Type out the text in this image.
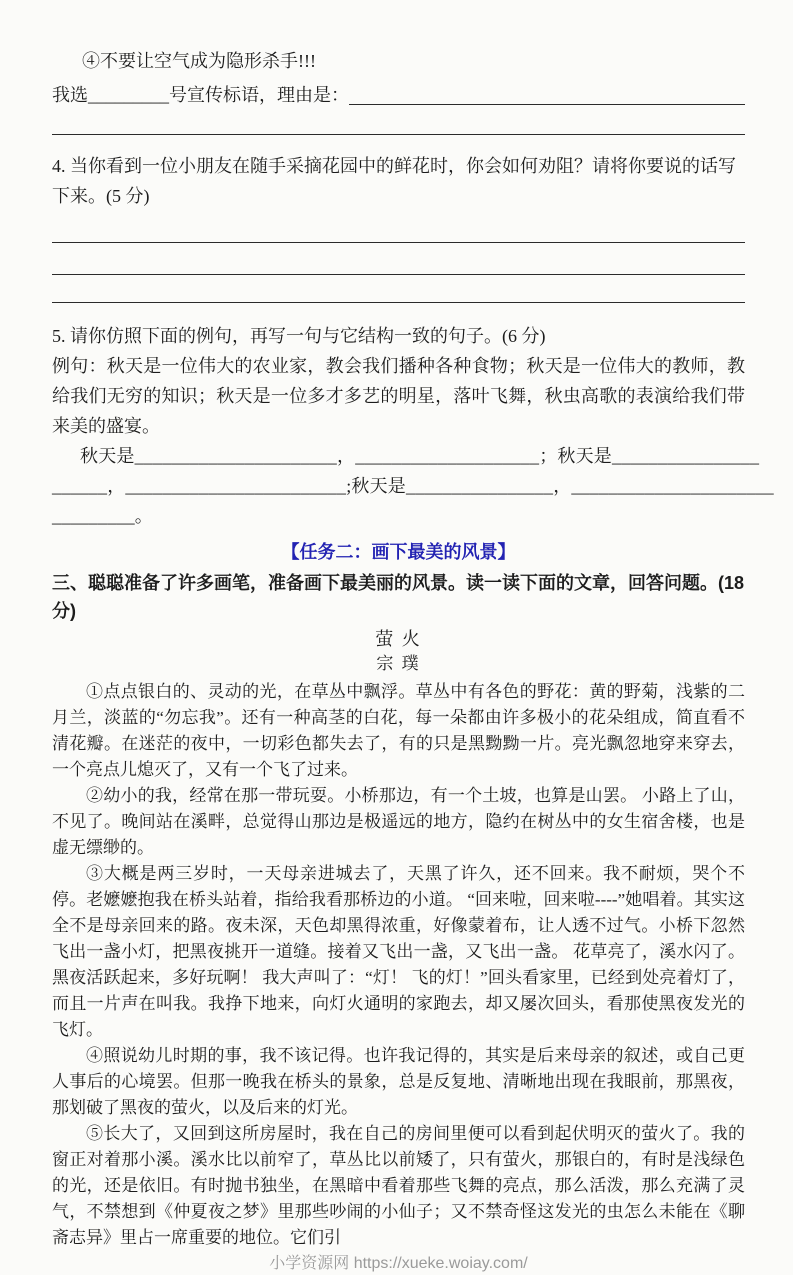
④不要让空气成为隐形杀手!!!
我选 _________ 号宣传标语，理由是：
4. 当你看到一位小朋友在随手采摘花园中的鲜花时，你会如何劝阻？请将你要说的话写下来。(5 分)
5. 请你仿照下面的例句，再写一句与它结构一致的句子。(6 分)

例句：秋天是一位伟大的农业家，教会我们播种各种食物；秋天是一位伟大的教师，教给我们无穷的知识；秋天是一位多才多艺的明星，落叶飞舞，秋虫高歌的表演给我们带来美的盛宴。

秋天是______________________，____________________；秋天是________________
______，________________________;秋天是________________，______________________
_________。
【任务二：画下最美的风景】
三、聪聪准备了许多画笔，准备画下最美丽的风景。读一读下面的文章，回答问题。(18 分)
萤 火
宗 璞

①点点银白的、灵动的光，在草丛中飘浮。草丛中有各色的野花：黄的野菊，浅紫的二月兰，淡蓝的“勿忘我”。还有一种高茎的白花，每一朵都由许多极小的花朵组成，简直看不清花瓣。在迷茫的夜中，一切彩色都失去了，有的只是黑黝黝一片。亮光飘忽地穿来穿去，一个亮点儿熄灭了，又有一个飞了过来。

②幼小的我，经常在那一带玩耍。小桥那边，有一个土坡，也算是山罢。 小路上了山，不见了。晚间站在溪畔，总觉得山那边是极遥远的地方，隐约在树丛中的女生宿舍楼，也是虚无缥缈的。

③大概是两三岁时，一天母亲进城去了，天黑了许久，还不回来。我不耐烦，哭个不停。老嬷嬷抱我在桥头站着，指给我看那桥边的小道。 “回来啦，回来啦----”她唱着。其实这全不是母亲回来的路。夜未深，天色却黑得浓重，好像蒙着布，让人透不过气。小桥下忽然飞出一盏小灯，把黑夜挑开一道缝。接着又飞出一盏，又飞出一盏。 花草亮了，溪水闪了。黑夜活跃起来，多好玩啊！ 我大声叫了：“灯！ 飞的灯！”回头看家里，已经到处亮着灯了，而且一片声在叫我。我挣下地来，向灯火通明的家跑去，却又屡次回头，看那使黑夜发光的飞灯。

④照说幼儿时期的事，我不该记得。也许我记得的，其实是后来母亲的叙述，或自己更人事后的心境罢。但那一晚我在桥头的景象，总是反复地、清晰地出现在我眼前，那黑夜，那划破了黑夜的萤火，以及后来的灯光。

⑤长大了，又回到这所房屋时，我在自己的房间里便可以看到起伏明灭的萤火了。我的窗正对着那小溪。溪水比以前窄了，草丛比以前矮了，只有萤火，那银白的，有时是浅绿色的光，还是依旧。有时抛书独坐，在黑暗中看着那些飞舞的亮点，那么活泼，那么充满了灵气，不禁想到《仲夏夜之梦》里那些吵闹的小仙子；又不禁奇怪这发光的虫怎么未能在《聊斋志异》里占一席重要的地位。它们引

小学资源网 https://xueke.woiay.com/
